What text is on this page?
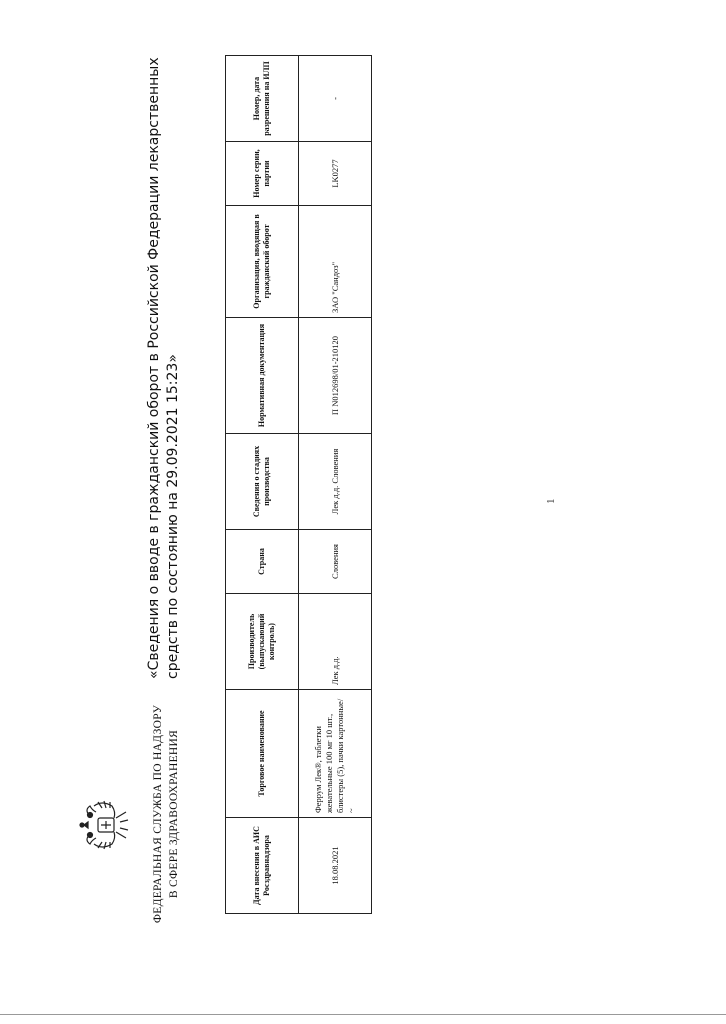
ФЕДЕРАЛЬНАЯ СЛУЖБА ПО НАДЗОРУ В СФЕРЕ ЗДРАВООХРАНЕНИЯ
«Сведения о вводе в гражданский оборот в Российской Федерации лекарственных средств по состоянию на 29.09.2021 15:23»
Дата внесения в АИС Росздравнадзора	Торговое наименование	Производитель (выпускающий контроль)	Страна	Сведения о стадиях производства	Нормативная документация	Организация, вводящая в гражданский оборот	Номер серии, партии	Номер, дата разрешения на ИЛП
18.08.2021	Феррум Лек®, таблетки жевательные 100 мг 10 шт., блистеры (5), пачки картонные/ ~	Лек д.д.	Словения	Лек д.д. Словения	П N012698/01-210120	ЗАО "Сандоз"	LK0277	-
1
